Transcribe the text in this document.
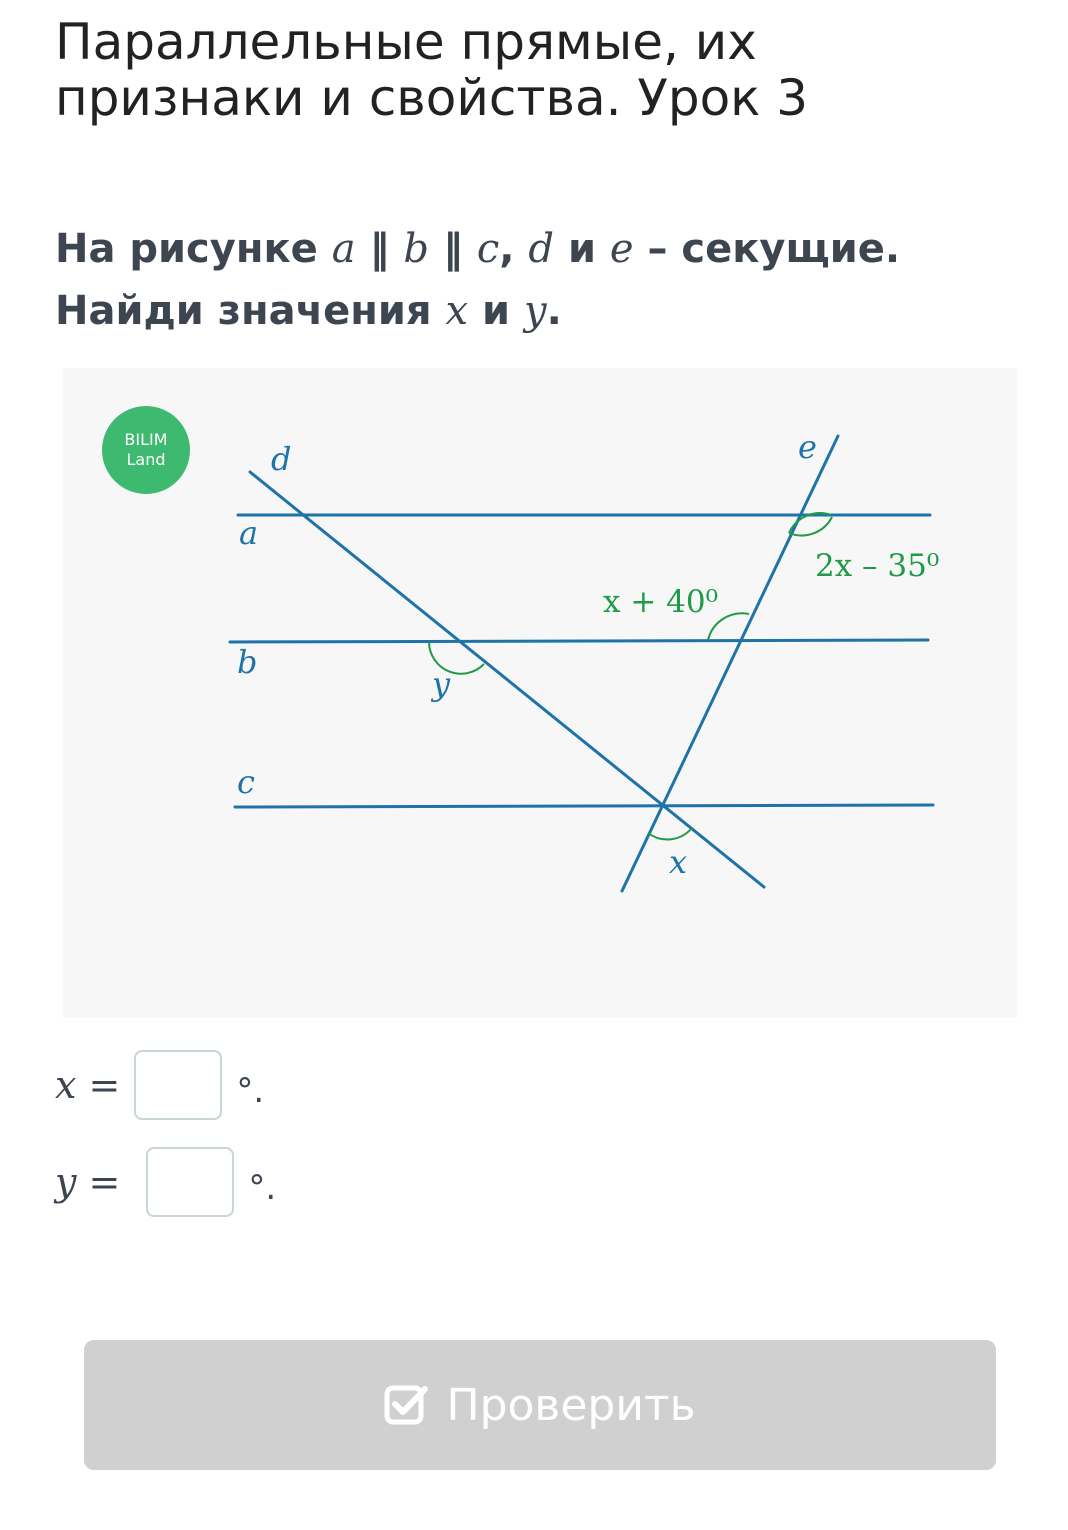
Параллельные прямые, их признаки и свойства. Урок 3
На рисунке a ‖ b ‖ c, d и e – секущие. Найди значения x и y.
d	e
a
b
c
y
x
2x – 35⁰
x + 40⁰
BILIM
Land
x =	°.
y =	°.
Проверить
